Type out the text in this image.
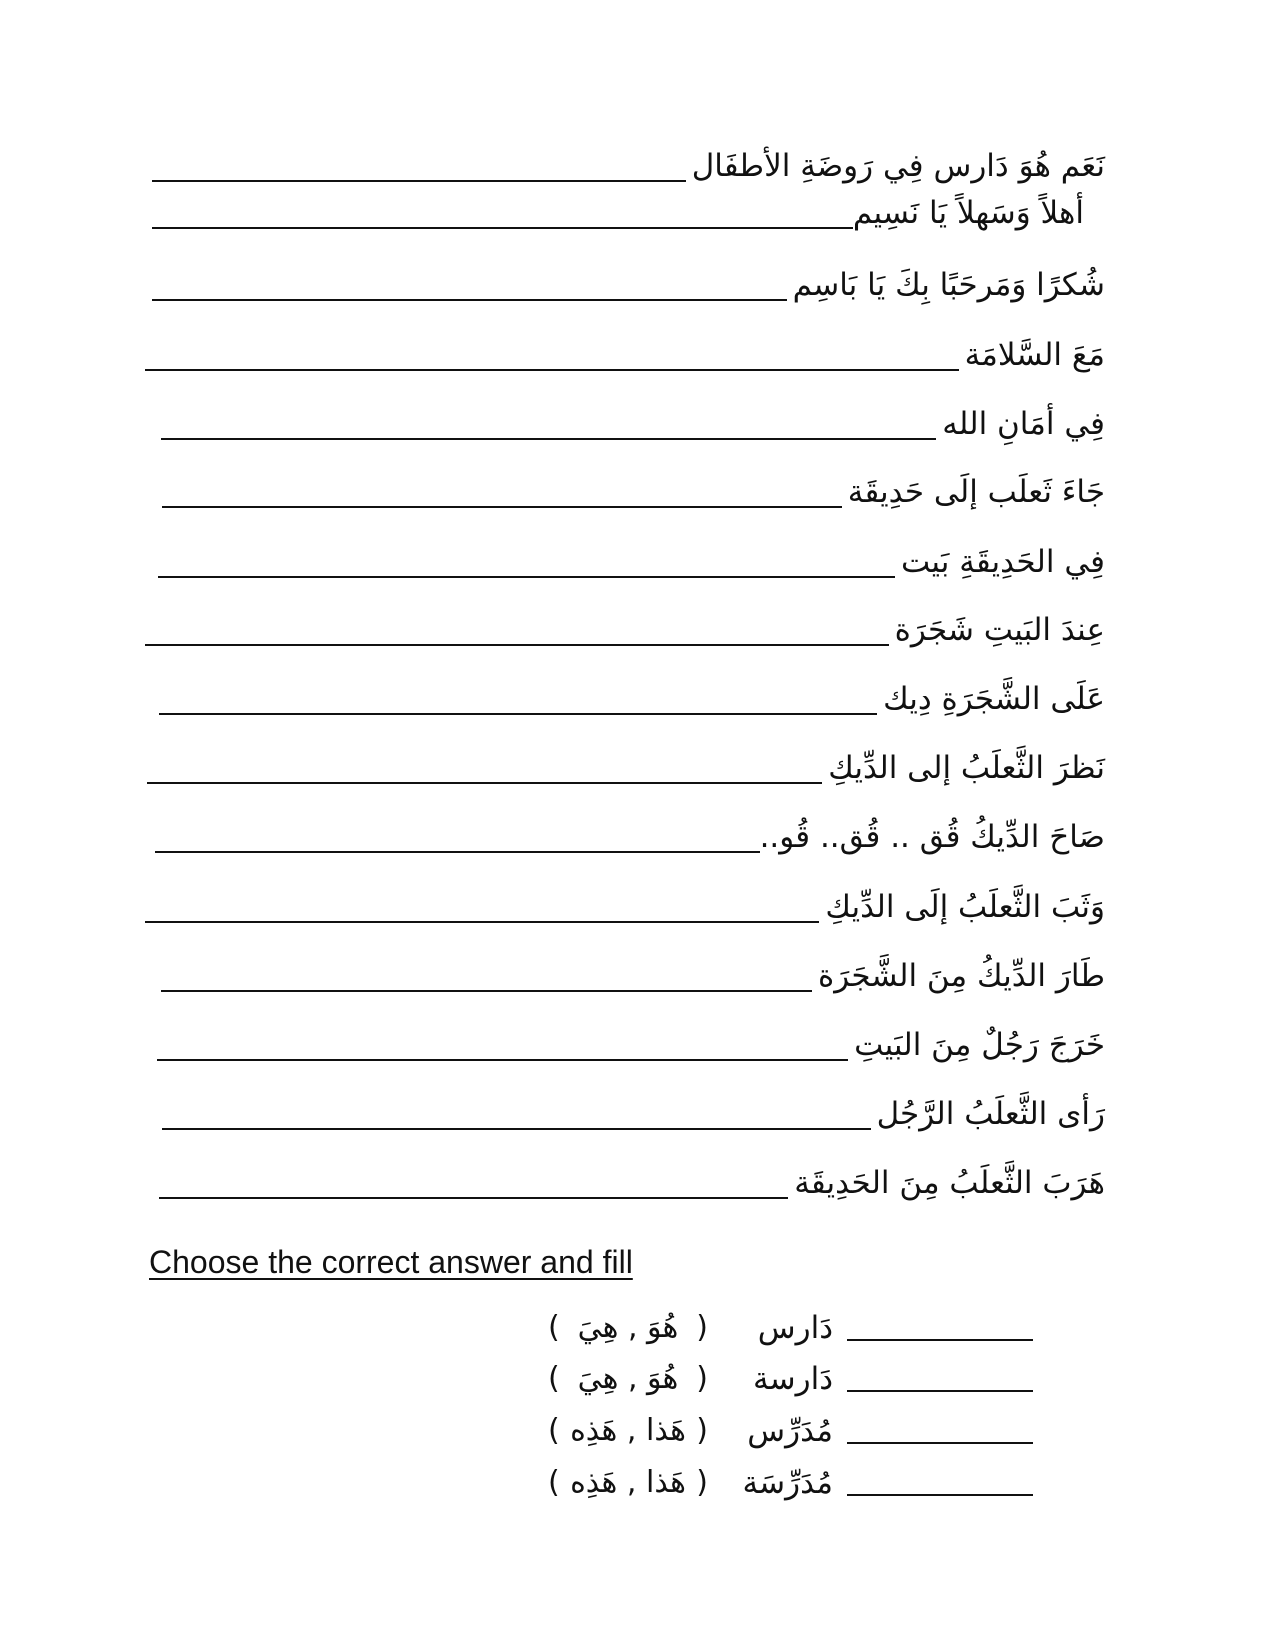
نَعَم هُوَ دَارس فِي رَوضَةِ الأطفَال
أهلاً وَسَهلاً يَا نَسِيم
شُكرًا وَمَرحَبًا بِكَ يَا بَاسِم
مَعَ السَّلامَة
فِي أمَانِ الله
جَاءَ ثَعلَب إلَى حَدِيقَة
فِي الحَدِيقَةِ بَيت
عِندَ البَيتِ شَجَرَة
عَلَى الشَّجَرَةِ دِيك
نَظرَ الثَّعلَبُ إلى الدِّيكِ
صَاحَ الدِّيكُ قُق .. قُق.. قُو..
وَثَبَ الثَّعلَبُ إلَى الدِّيكِ
طَارَ الدِّيكُ مِنَ الشَّجَرَة
خَرَجَ رَجُلٌ مِنَ البَيتِ
رَأى الثَّعلَبُ الرَّجُل
هَرَبَ الثَّعلَبُ مِنَ الحَدِيقَة
Choose the correct answer and fill
دَارس
( هُوَ , هِيَ )
دَارسة
( هُوَ , هِيَ )
مُدَرِّس
( هَذا , هَذِه )
مُدَرِّسَة
( هَذا , هَذِه )
